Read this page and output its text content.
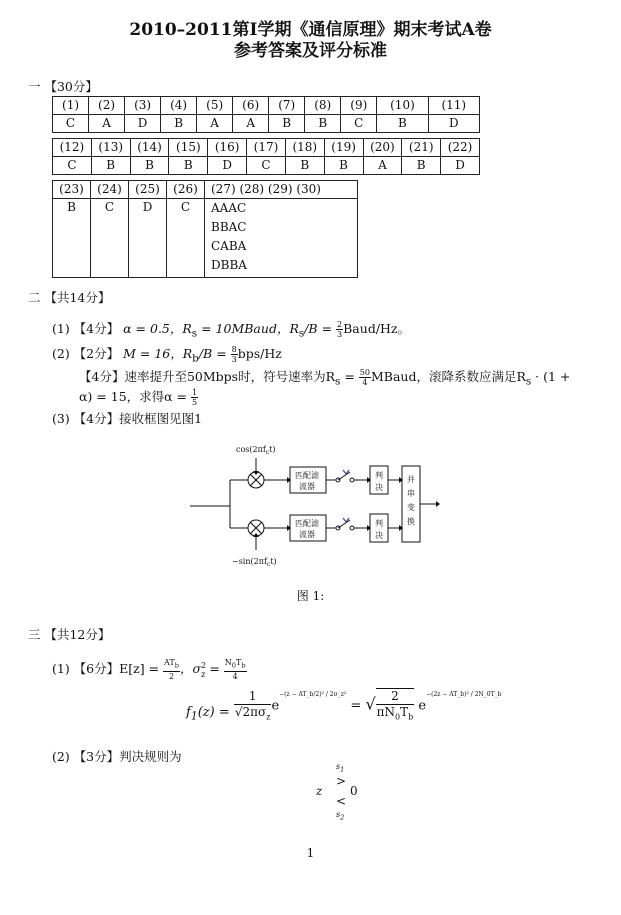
2010–2011第I学期《通信原理》期末考试A卷
参考答案及评分标准
一 【30分】
(1)	(2)	(3)	(4)	(5)	(6)	(7)	(8)	(9)	(10)	(11)
C	A	D	B	A	A	B	B	C	B	D
(12)	(13)	(14)	(15)	(16)	(17)	(18)	(19)	(20)	(21)	(22)
C	B	B	B	D	C	B	B	A	B	D
(23)	(24)	(25)	(26)	(27) (28) (29) (30)
B	C	D	C	AAAC
BBAC
CABA
DBBA
二 【共14分】
(1) 【4分】 α = 0.5，$R_s$ = 10MBaud，$R_s/B = \frac{2}{3}$ Baud/Hz。
(2) 【2分】 M = 16，$R_b/B = \frac{8}{3} bps/Hz$
【4分】速率提升至50Mbps时，符号速率为$R_s = \frac{50}{4}$ MBaud，滚降系数应满足$R_s \cdot (1$ +
α) = 15，求得$\alpha = \frac{1}{5}$
(3) 【4分】接收框图见图1
$\cos(2\pi f_ct)$
$-\sin(2\pi f_ct)$
匹配滤
波器
匹配滤
波器
判
决
判
决
并
串
变
换
图 1:
三 【共12分】
(1) 【6分】$E[z] = \frac{AT_b}{2}$ ，$\sigma^2_z = \frac{N_0T_b}{4}$
$f_1(z) = \frac{1}{√2\pi\sigma_z} e^{-(z - AT\_b/2)^2 / 2\sigma\_z^2}$ = √ $\frac{2}{\pi N_0T_b} e^{-(2z - AT\_b)^2 / 2N\_0T\_b}$
(2) 【3分】判决规则为
$s_1$
>
z 0
<
$s_2$
1
